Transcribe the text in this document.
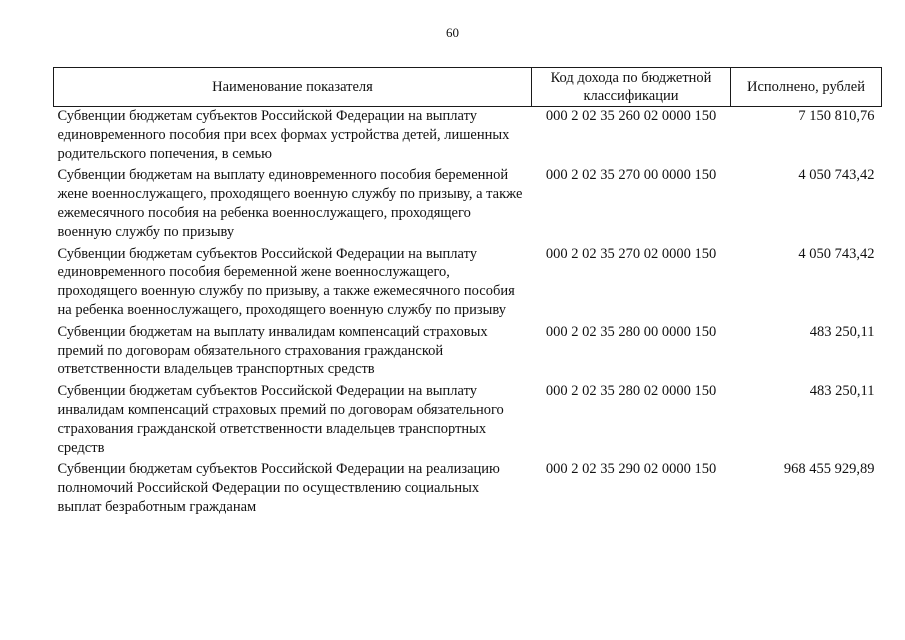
60
Наименование показателя	Код дохода по бюджетной классификации	Исполнено, рублей
Субвенции бюджетам субъектов Российской Федерации на выплату единовременного пособия при всех формах устройства детей, лишенных родительского попечения, в семью	000 2 02 35 260 02 0000 150	7 150 810,76
Субвенции бюджетам на выплату единовременного пособия беременной жене военнослужащего, проходящего военную службу по призыву, а также ежемесячного пособия на ребенка военнослужащего, проходящего военную службу по призыву	000 2 02 35 270 00 0000 150	4 050 743,42
Субвенции бюджетам субъектов Российской Федерации на выплату единовременного пособия беременной жене военнослужащего, проходящего военную службу по призыву, а также ежемесячного пособия на ребенка военнослужащего, проходящего военную службу по призыву	000 2 02 35 270 02 0000 150	4 050 743,42
Субвенции бюджетам на выплату инвалидам компенсаций страховых премий по договорам обязательного страхования гражданской ответственности владельцев транспортных средств	000 2 02 35 280 00 0000 150	483 250,11
Субвенции бюджетам субъектов Российской Федерации на выплату инвалидам компенсаций страховых премий по договорам обязательного страхования гражданской ответственности владельцев транспортных средств	000 2 02 35 280 02 0000 150	483 250,11
Субвенции бюджетам субъектов Российской Федерации на реализацию полномочий Российской Федерации по осуществлению социальных выплат безработным гражданам	000 2 02 35 290 02 0000 150	968 455 929,89
